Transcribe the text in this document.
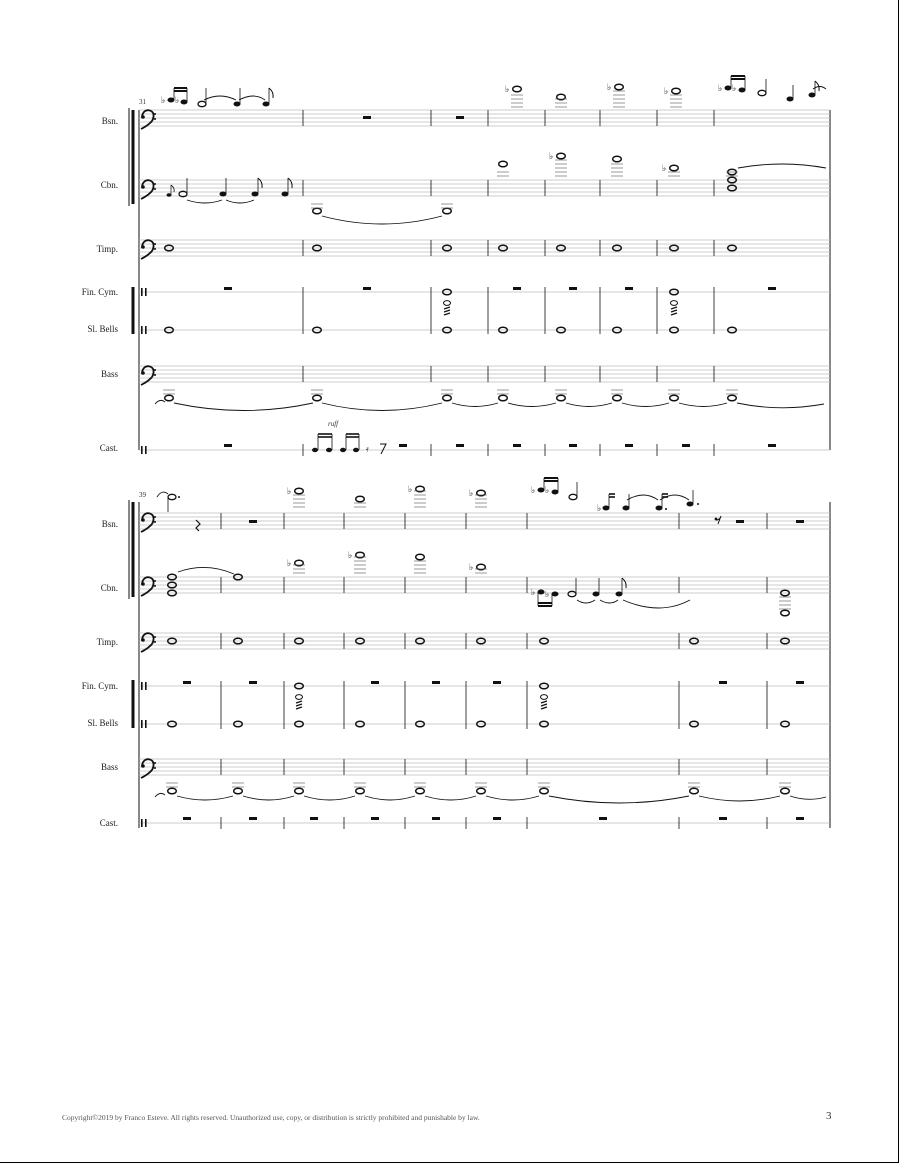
31
Bsn.
Cbn.
Timp.
Fin. Cym.
Sl. Bells
Bass
Cast.
♭ ♭
♭ ♭
ruff
𝄿
39
Bsn.
Cbn.
Timp.
Fin. Cym.
Sl. Bells
Bass
Cast.
♭ ♭
♭
♭ ♭
Copyright©2019 by Franco Esteve. All rights reserved. Unauthorized use, copy, or distribution is strictly prohibited and punishable by law.	3
